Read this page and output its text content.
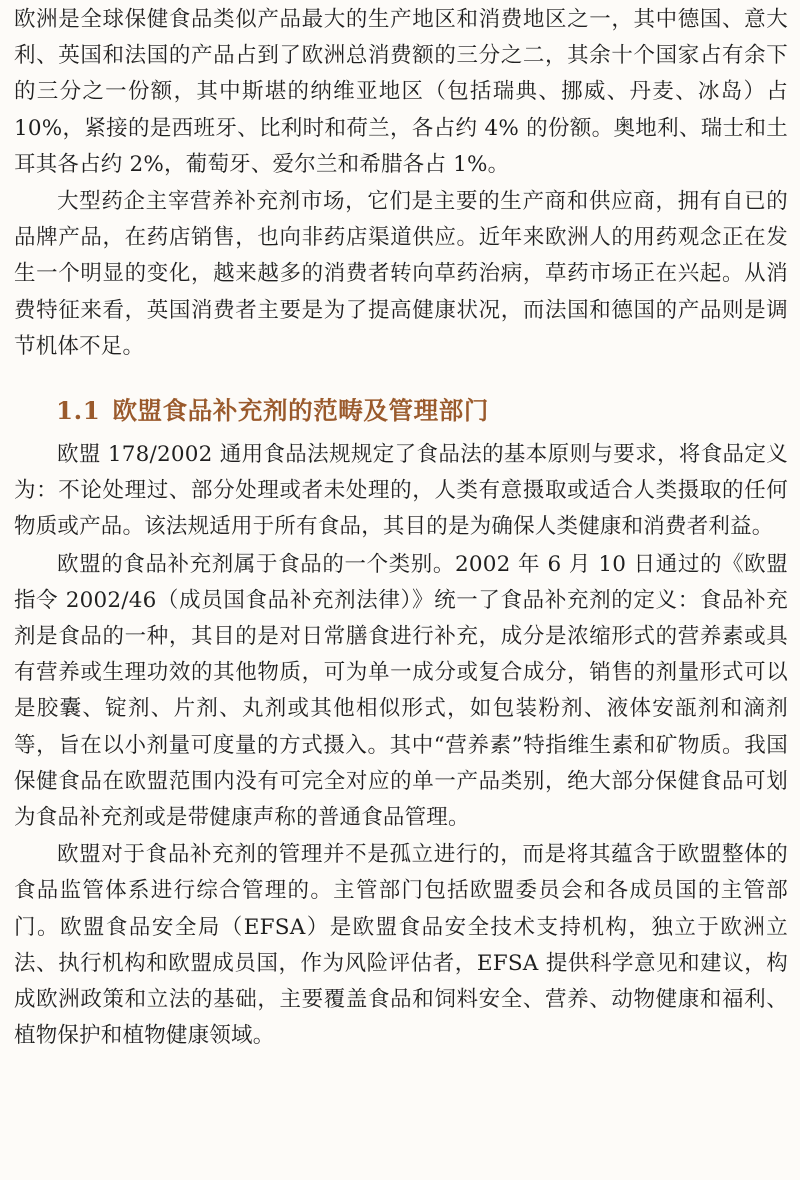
欧洲是全球保健食品类似产品最大的生产地区和消费地区之一，其中德国、意大利、英国和法国的产品占到了欧洲总消费额的三分之二，其余十个国家占有余下的三分之一份额，其中斯堪的纳维亚地区（包括瑞典、挪威、丹麦、冰岛）占 10%，紧接的是西班牙、比利时和荷兰，各占约 4% 的份额。奥地利、瑞士和土耳其各占约 2%，葡萄牙、爱尔兰和希腊各占 1%。

大型药企主宰营养补充剂市场，它们是主要的生产商和供应商，拥有自已的品牌产品，在药店销售，也向非药店渠道供应。近年来欧洲人的用药观念正在发生一个明显的变化，越来越多的消费者转向草药治病，草药市场正在兴起。从消费特征来看，英国消费者主要是为了提高健康状况，而法国和德国的产品则是调节机体不足。

1.1 欧盟食品补充剂的范畴及管理部门

欧盟 178/2002 通用食品法规规定了食品法的基本原则与要求，将食品定义为：不论处理过、部分处理或者未处理的，人类有意摄取或适合人类摄取的任何物质或产品。该法规适用于所有食品，其目的是为确保人类健康和消费者利益。

欧盟的食品补充剂属于食品的一个类别。2002 年 6 月 10 日通过的《欧盟指令 2002/46（成员国食品补充剂法律）》统一了食品补充剂的定义：食品补充剂是食品的一种，其目的是对日常膳食进行补充，成分是浓缩形式的营养素或具有营养或生理功效的其他物质，可为单一成分或复合成分，销售的剂量形式可以是胶囊、锭剂、片剂、丸剂或其他相似形式，如包装粉剂、液体安瓿剂和滴剂等，旨在以小剂量可度量的方式摄入。其中“营养素”特指维生素和矿物质。我国保健食品在欧盟范围内没有可完全对应的单一产品类别，绝大部分保健食品可划为食品补充剂或是带健康声称的普通食品管理。

欧盟对于食品补充剂的管理并不是孤立进行的，而是将其蕴含于欧盟整体的食品监管体系进行综合管理的。主管部门包括欧盟委员会和各成员国的主管部门。欧盟食品安全局（EFSA）是欧盟食品安全技术支持机构，独立于欧洲立法、执行机构和欧盟成员国，作为风险评估者，EFSA 提供科学意见和建议，构成欧洲政策和立法的基础，主要覆盖食品和饲料安全、营养、动物健康和福利、植物保护和植物健康领域。
